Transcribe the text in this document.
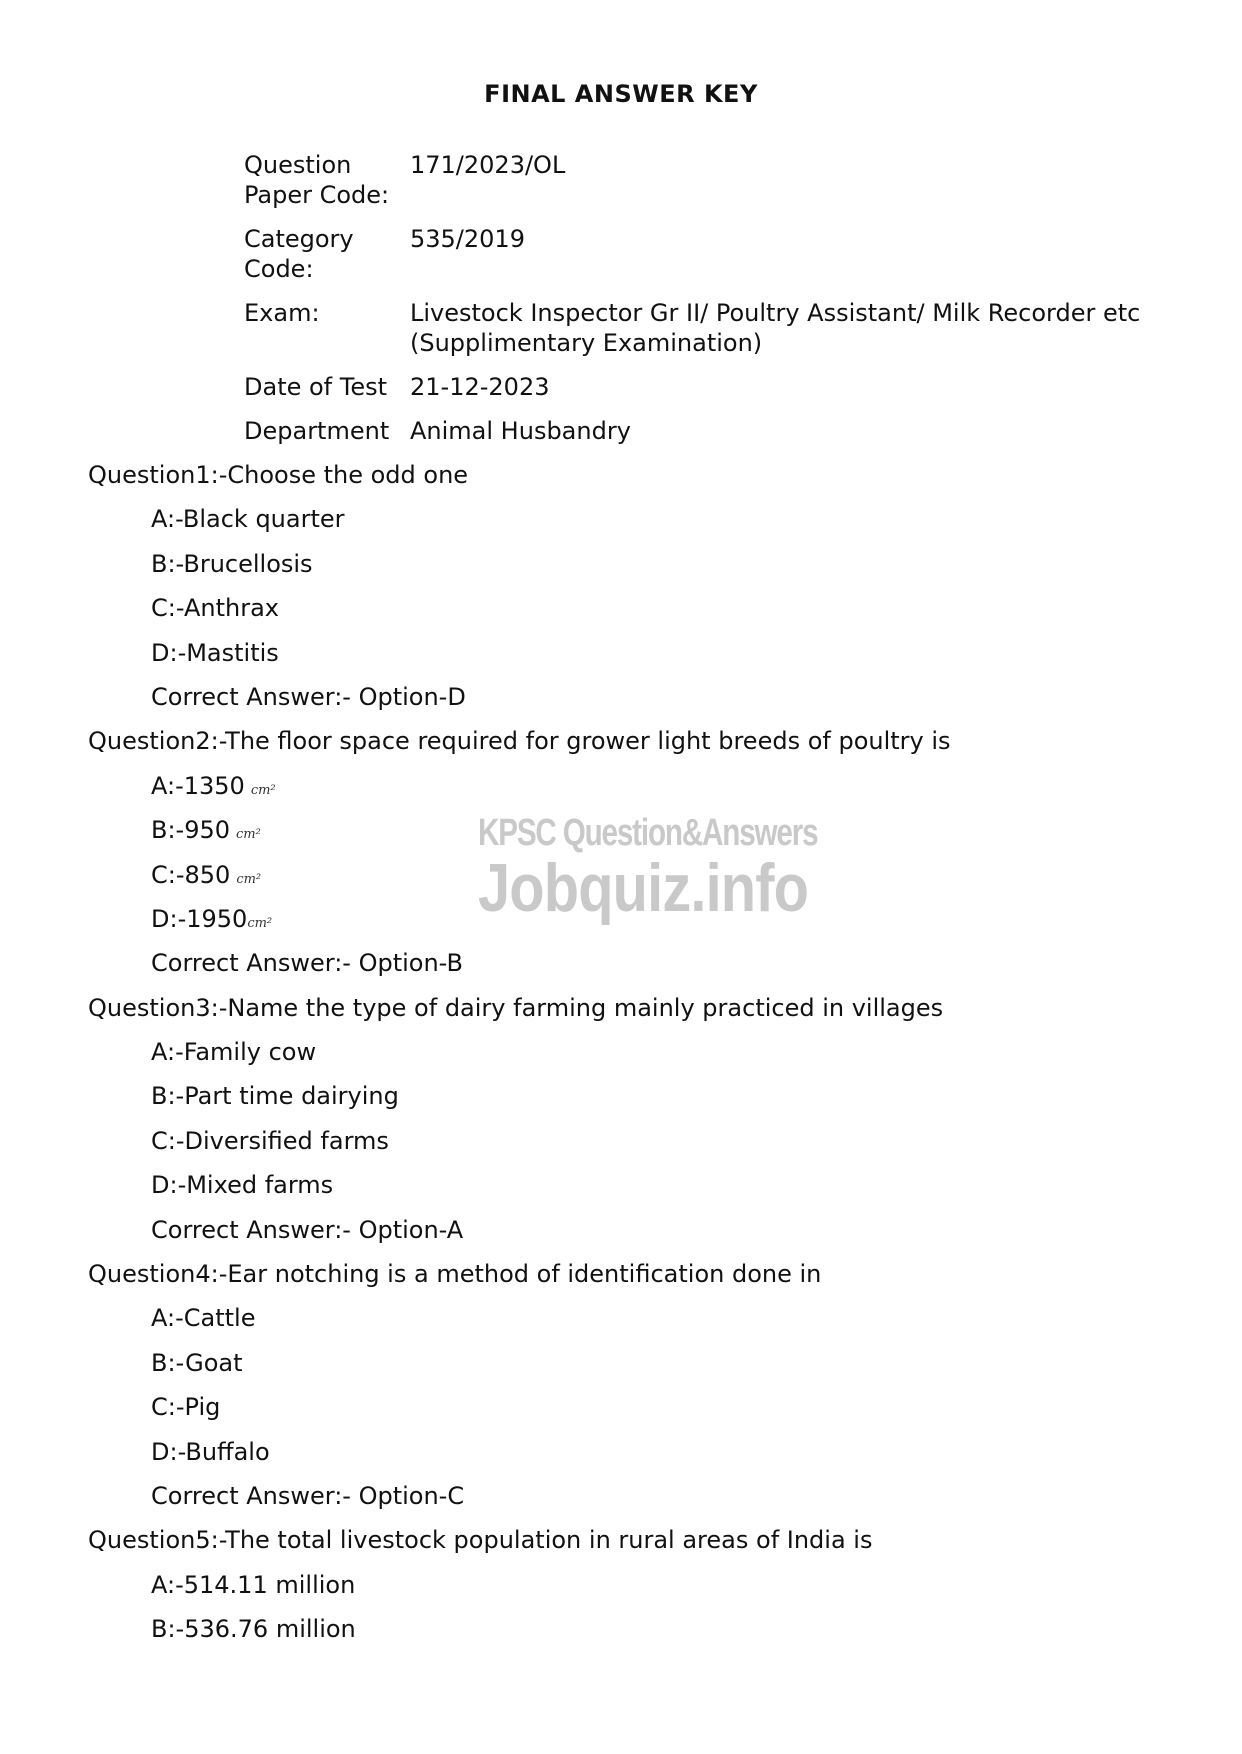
FINAL ANSWER KEY
Question Paper Code:
171/2023/OL
Category Code:
535/2019
Exam:	Livestock Inspector Gr II/ Poultry Assistant/ Milk Recorder etc (Supplimentary Examination)
Date of Test 21-12-2023
Department Animal Husbandry
Question1:-Choose the odd one
A:-Black quarter
B:-Brucellosis
C:-Anthrax
D:-Mastitis
Correct Answer:- Option-D
Question2:-The floor space required for grower light breeds of poultry is
A:-1350 cm²
B:-950 cm²
C:-850 cm²
D:-1950cm²
Correct Answer:- Option-B
Question3:-Name the type of dairy farming mainly practiced in villages
A:-Family cow
B:-Part time dairying
C:-Diversified farms
D:-Mixed farms
Correct Answer:- Option-A
Question4:-Ear notching is a method of identification done in
A:-Cattle
B:-Goat
C:-Pig
D:-Buffalo
Correct Answer:- Option-C
Question5:-The total livestock population in rural areas of India is
A:-514.11 million
B:-536.76 million
KPSC Question&Answers
Jobquiz.info
